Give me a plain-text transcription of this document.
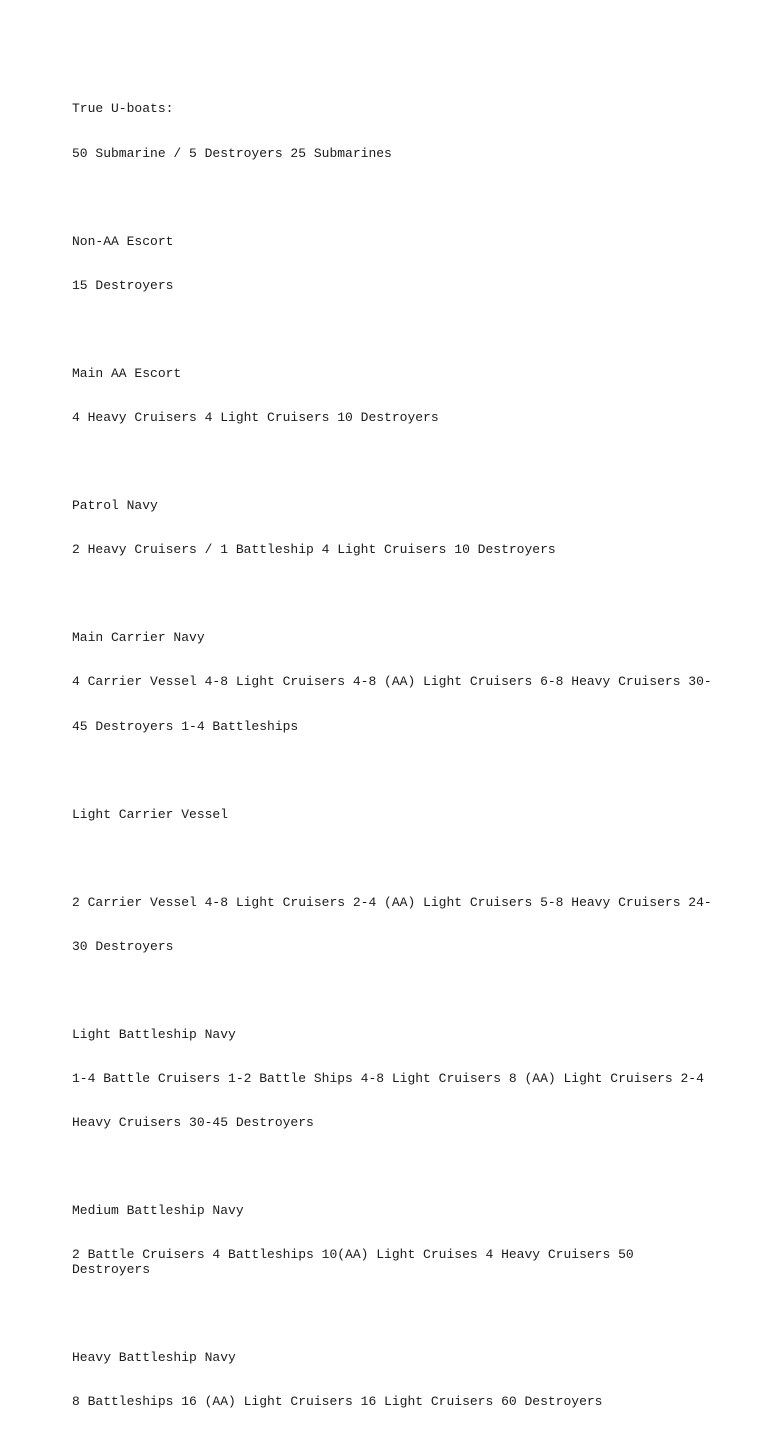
True U-boats:

50 Submarine / 5 Destroyers 25 Submarines

Non-AA Escort

15 Destroyers

Main AA Escort

4 Heavy Cruisers 4 Light Cruisers 10 Destroyers

Patrol Navy

2 Heavy Cruisers / 1 Battleship 4 Light Cruisers 10 Destroyers

Main Carrier Navy

4 Carrier Vessel 4-8 Light Cruisers 4-8 (AA) Light Cruisers 6-8 Heavy Cruisers 30-

45 Destroyers 1-4 Battleships

Light Carrier Vessel

2 Carrier Vessel 4-8 Light Cruisers 2-4 (AA) Light Cruisers 5-8 Heavy Cruisers 24-

30 Destroyers

Light Battleship Navy

1-4 Battle Cruisers 1-2 Battle Ships 4-8 Light Cruisers 8 (AA) Light Cruisers 2-4

Heavy Cruisers 30-45 Destroyers

Medium Battleship Navy

2 Battle Cruisers 4 Battleships 10(AA) Light Cruises 4 Heavy Cruisers 50 Destroyers

Heavy Battleship Navy

8 Battleships 16 (AA) Light Cruisers 16 Light Cruisers 60 Destroyers
